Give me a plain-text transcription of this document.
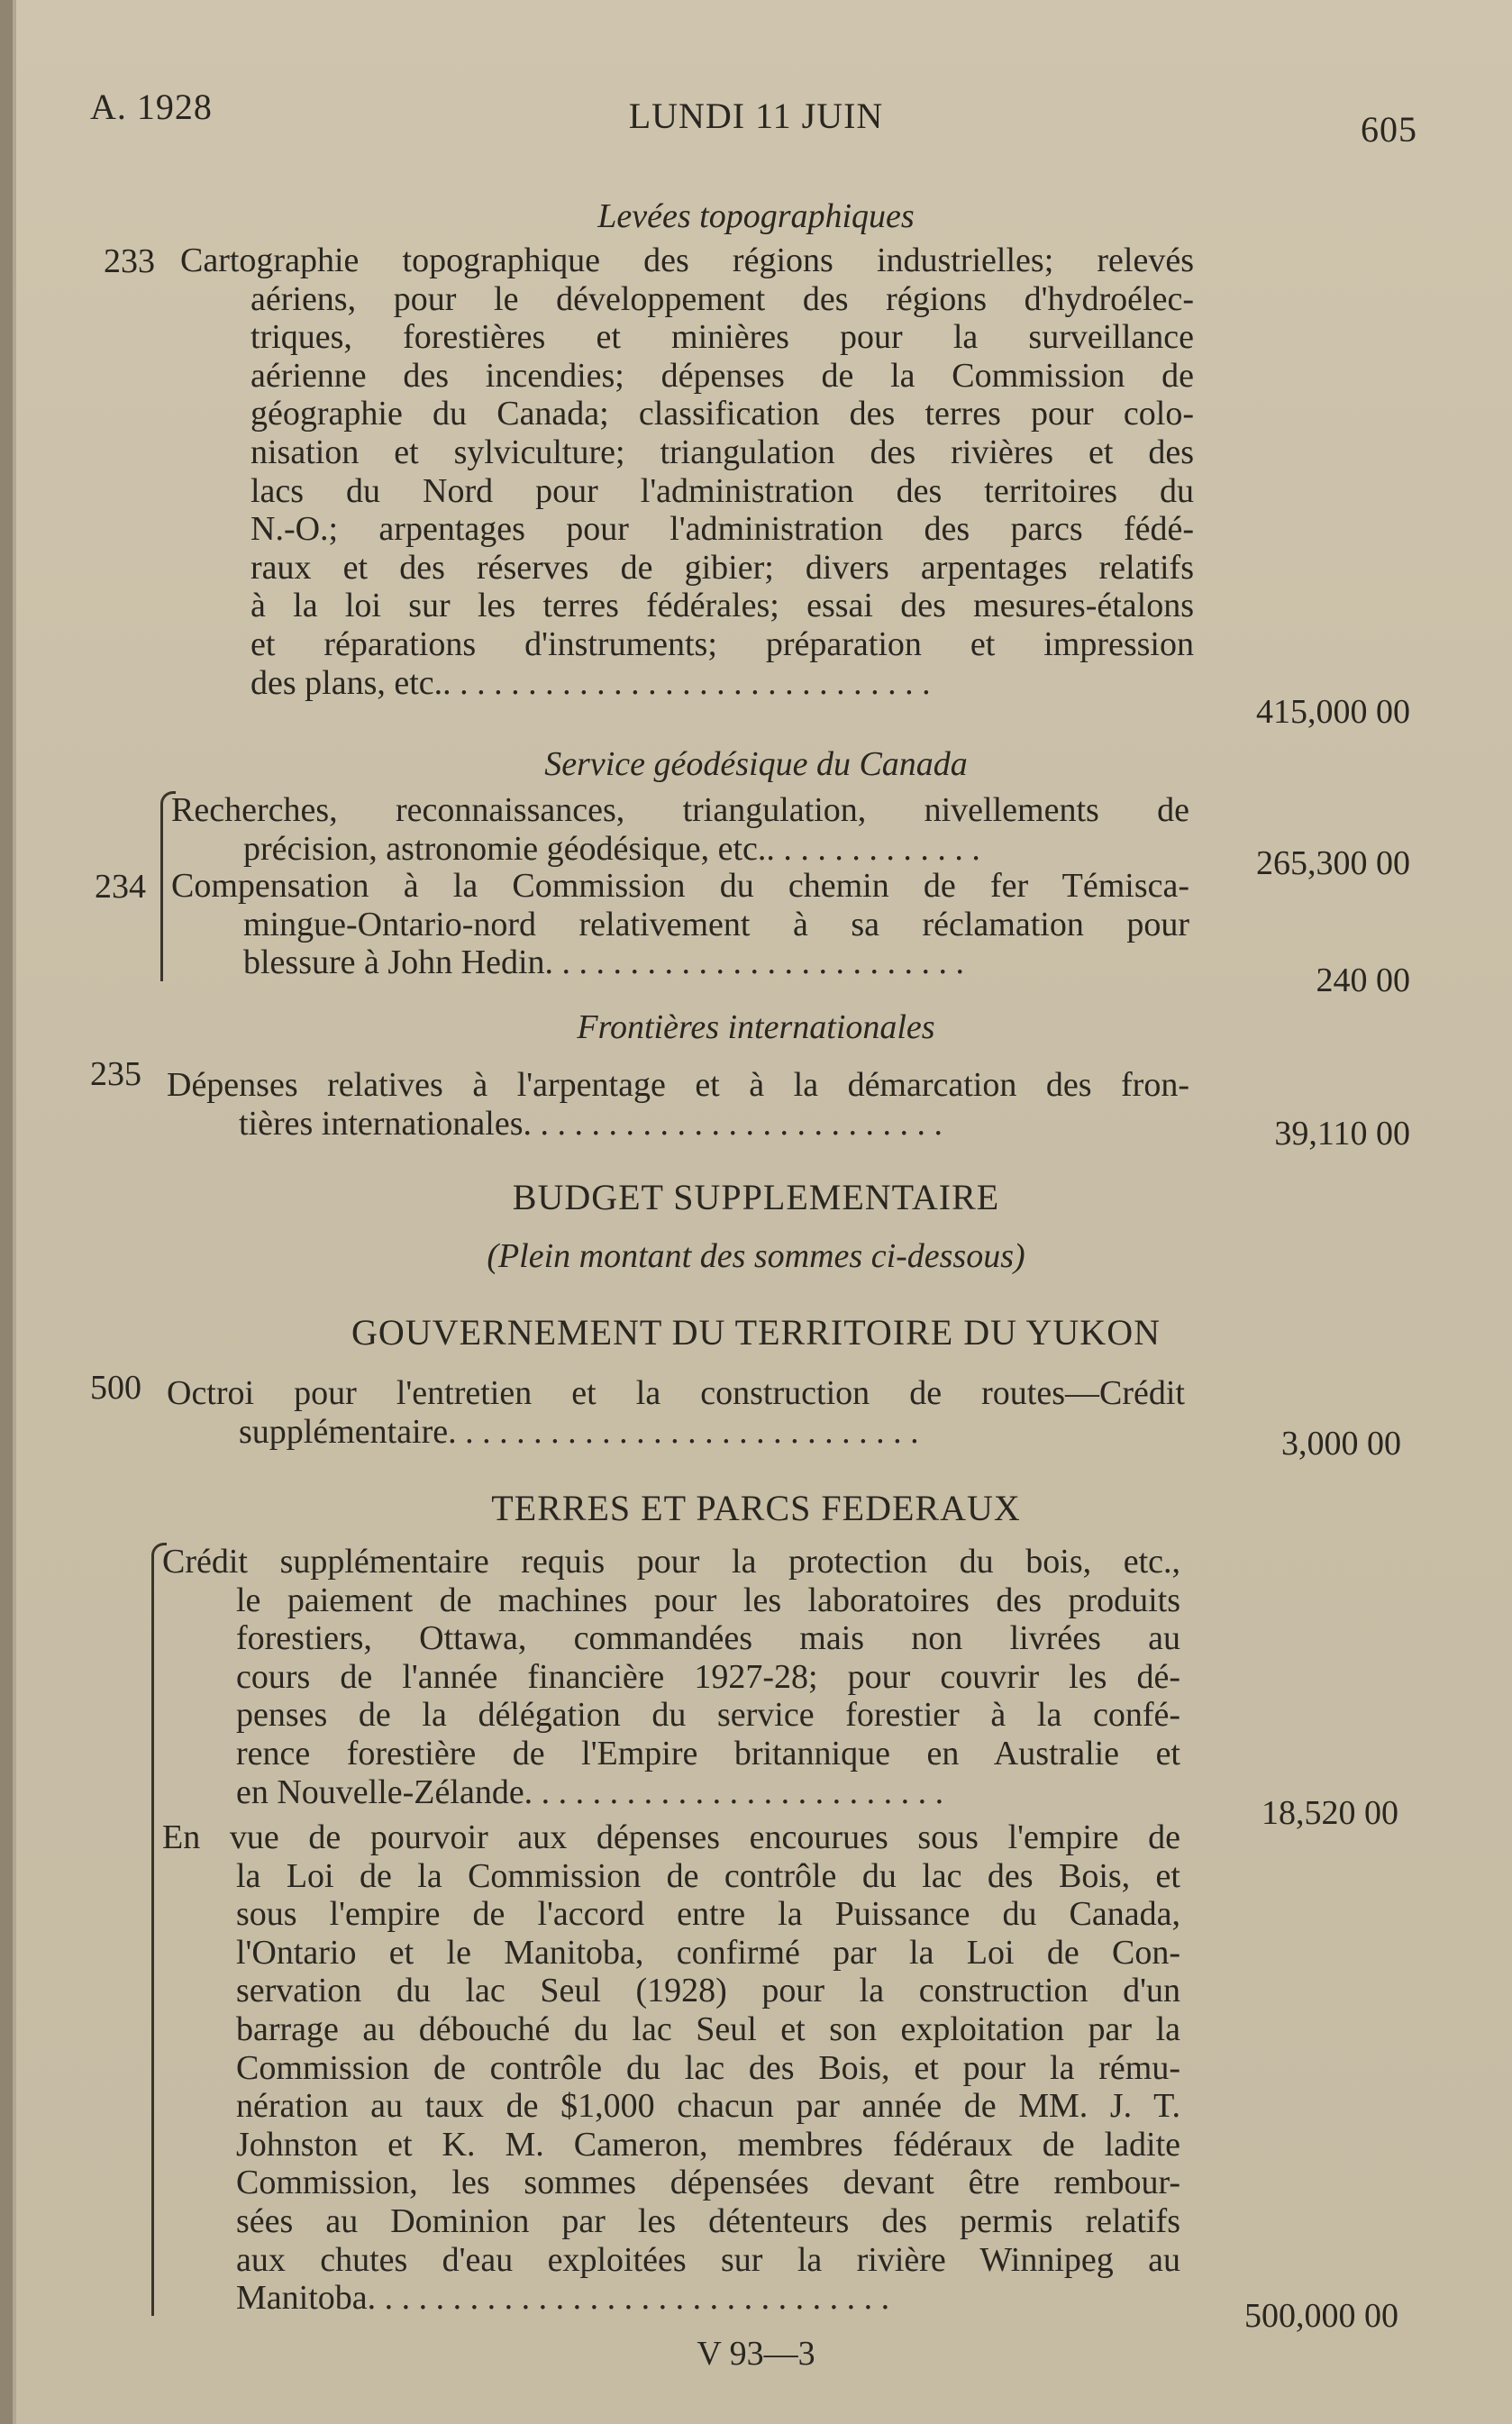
A. 1928	LUNDI 11 JUIN	605
Levées topographiques
233 Cartographie topographique des régions industrielles; relevés
aériens, pour le développement des régions d'hydroélec-
triques, forestières et minières pour la surveillance
aérienne des incendies; dépenses de la Commission de
géographie du Canada; classification des terres pour colo-
nisation et sylviculture; triangulation des rivières et des
lacs du Nord pour l'administration des territoires du
N.-O.; arpentages pour l'administration des parcs fédé-
raux et des réserves de gibier; divers arpentages relatifs
à la loi sur les terres fédérales; essai des mesures-étalons
et réparations d'instruments; préparation et impression
des plans, etc.. . . . . . . . . . . . . . . . . . . . . . . . . . . . .
415,000 00
Service géodésique du Canada
234
Recherches, reconnaissances, triangulation, nivellements de
précision, astronomie géodésique, etc.. . . . . . . . . . . . .	265,300 00
Compensation à la Commission du chemin de fer Témisca-
mingue-Ontario-nord relativement à sa réclamation pour
blessure à John Hedin. . . . . . . . . . . . . . . . . . . . . . . . .	240 00
Frontières internationales
235 Dépenses relatives à l'arpentage et à la démarcation des fron-
tières internationales. . . . . . . . . . . . . . . . . . . . . . . . .	39,110 00
BUDGET SUPPLEMENTAIRE
(Plein montant des sommes ci-dessous)
GOUVERNEMENT DU TERRITOIRE DU YUKON
500 Octroi pour l'entretien et la construction de routes—Crédit
supplémentaire. . . . . . . . . . . . . . . . . . . . . . . . . . . .	3,000 00
TERRES ET PARCS FEDERAUX
Crédit supplémentaire requis pour la protection du bois, etc.,
le paiement de machines pour les laboratoires des produits
forestiers, Ottawa, commandées mais non livrées au
cours de l'année financière 1927-28; pour couvrir les dé-
penses de la délégation du service forestier à la confé-
rence forestière de l'Empire britannique en Australie et
en Nouvelle-Zélande. . . . . . . . . . . . . . . . . . . . . . . . .
18,520 00
En vue de pourvoir aux dépenses encourues sous l'empire de
la Loi de la Commission de contrôle du lac des Bois, et
sous l'empire de l'accord entre la Puissance du Canada,
l'Ontario et le Manitoba, confirmé par la Loi de Con-
servation du lac Seul (1928) pour la construction d'un
barrage au débouché du lac Seul et son exploitation par la
Commission de contrôle du lac des Bois, et pour la rému-
nération au taux de $1,000 chacun par année de MM. J. T.
Johnston et K. M. Cameron, membres fédéraux de ladite
Commission, les sommes dépensées devant être rembour-
sées au Dominion par les détenteurs des permis relatifs
aux chutes d'eau exploitées sur la rivière Winnipeg au
Manitoba. . . . . . . . . . . . . . . . . . . . . . . . . . . . . . .	500,000 00
V 93—3
